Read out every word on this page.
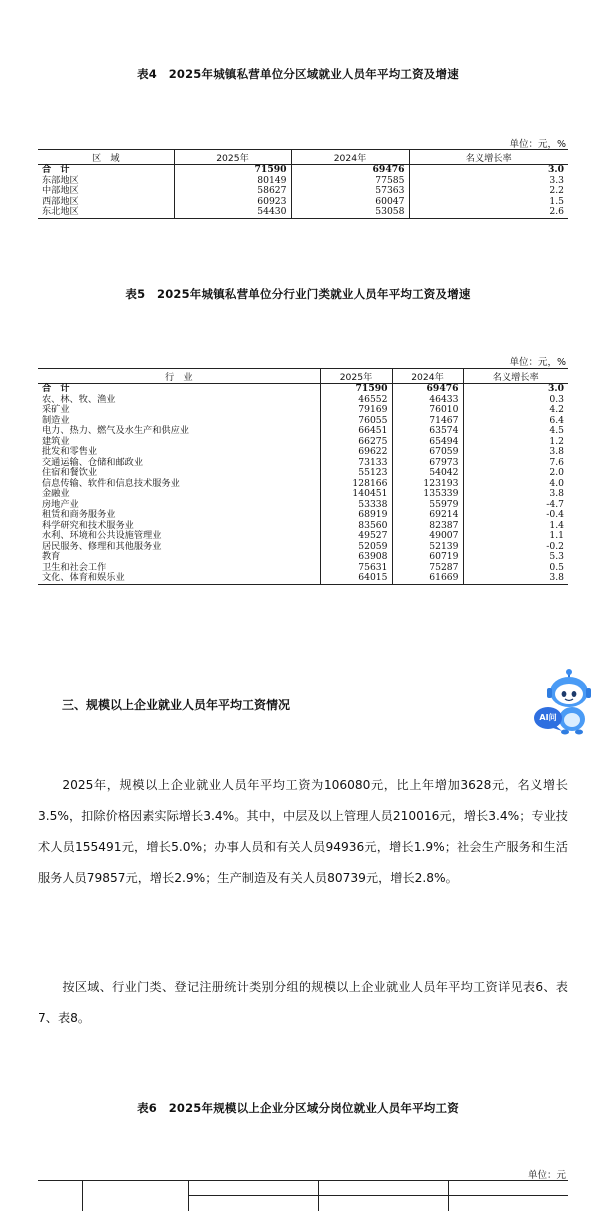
表4　2025年城镇私营单位分区域就业人员年平均工资及增速
单位：元，%
区　域	2025年	2024年	名义增长率
合　计	71590	69476	3.0
东部地区	80149	77585	3.3
中部地区	58627	57363	2.2
西部地区	60923	60047	1.5
东北地区	54430	53058	2.6
表5　2025年城镇私营单位分行业门类就业人员年平均工资及增速
单位：元，%
行　业	2025年	2024年	名义增长率
合　计	71590	69476	3.0
农、林、牧、渔业	46552	46433	0.3
采矿业	79169	76010	4.2
制造业	76055	71467	6.4
电力、热力、燃气及水生产和供应业	66451	63574	4.5
建筑业	66275	65494	1.2
批发和零售业	69622	67059	3.8
交通运输、仓储和邮政业	73133	67973	7.6
住宿和餐饮业	55123	54042	2.0
信息传输、软件和信息技术服务业	128166	123193	4.0
金融业	140451	135339	3.8
房地产业	53338	55979	-4.7
租赁和商务服务业	68919	69214	-0.4
科学研究和技术服务业	83560	82387	1.4
水利、环境和公共设施管理业	49527	49007	1.1
居民服务、修理和其他服务业	52059	52139	-0.2
教育	63908	60719	5.3
卫生和社会工作	75631	75287	0.5
文化、体育和娱乐业	64015	61669	3.8
三、规模以上企业就业人员年平均工资情况
2025年，规模以上企业就业人员年平均工资为106080元，比上年增加3628元，名义增长3.5%，扣除价格因素实际增长3.4%。其中，中层及以上管理人员210016元，增长3.4%；专业技术人员155491元，增长5.0%；办事人员和有关人员94936元，增长1.9%；社会生产服务和生活服务人员79857元，增长2.9%；生产制造及有关人员80739元，增长2.8%。
按区域、行业门类、登记注册统计类别分组的规模以上企业就业人员年平均工资详见表6、表7、表8。
表6　2025年规模以上企业分区域分岗位就业人员年平均工资
单位：元
AI问
